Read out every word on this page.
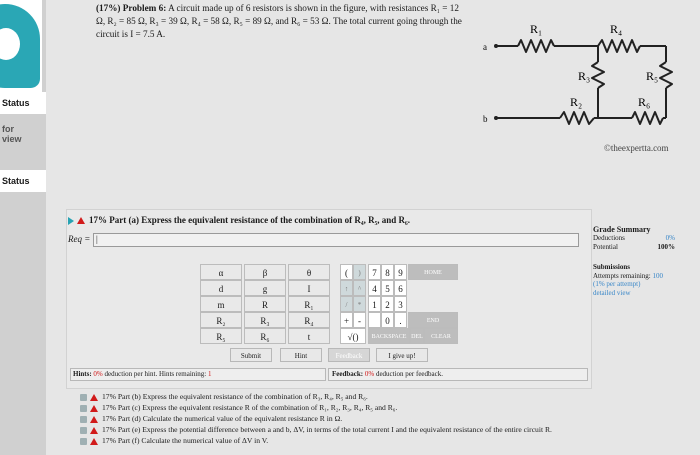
Status
for
view
Status
(17%) Problem 6: A circuit made up of 6 resistors is shown in the figure, with resistances R₁ = 12
Ω, R₂ = 85 Ω, R₃ = 39 Ω, R₄ = 58 Ω, R₅ = 89 Ω, and R₆ = 53 Ω. The total current going through the
circuit is I = 7.5 A.
a
b
R₁	R₄
R₃	R₅
R₂	R₆
©theexpertta.com
17% Part (a) Express the equivalent resistance of the combination of R₄, R₅, and R₆.
Req = |
Grade Summary
Deductions	0%
Potential	100%
Submissions
Attempts remaining: 100
(1% per attempt)
detailed view
α	β	θ
d	g	I
m	R	R₁
R₂	R₃	R₄
R₅	R₆	t
(	)
↑	^
/	*
+ -
√()
7 8 9
4 5 6
1 2 3
0	.
HOME
END
BACKSPACE DEL	CLEAR
Submit	Hint	Feedback	I give up!
Hints: 0% deduction per hint. Hints remaining: 1	Feedback: 0% deduction per feedback.
17% Part (b) Express the equivalent resistance of the combination of R₃, R₄, R₅ and R₆.
17% Part (c) Express the equivalent resistance R of the combination of R₁, R₂, R₃, R₄, R₅ and R₆.
17% Part (d) Calculate the numerical value of the equivalent resistance R in Ω.
17% Part (e) Express the potential difference between a and b, ΔV, in terms of the total current I and the equivalent resistance of the entire circuit R.
17% Part (f) Calculate the numerical value of ΔV in V.
